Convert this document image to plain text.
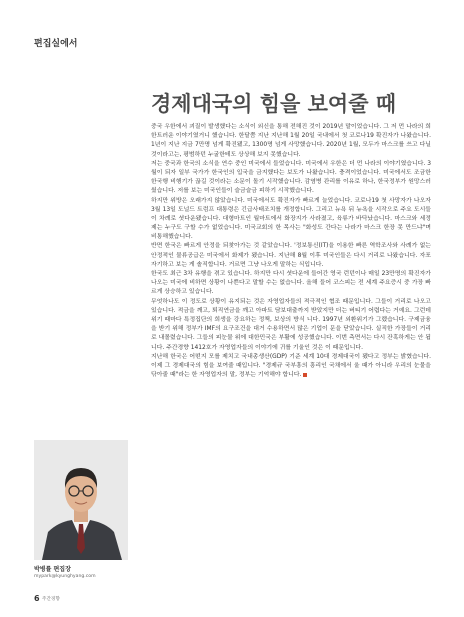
편집실에서
경제대국의 힘을 보여줄 때

중국 우한에서 괴질이 발생했다는 소식이 외신을 통해 전해진 것이 2019년 말이었습니다. 그 저 먼 나라의 희한트러운 이야기였거니 했습니다. 한달쯤 지난 지난해 1월 20일 국내에서 첫 코로나19 확진자가 나왔습니다. 1년이 지난 지금 7만명 넘게 확진됐고, 1300명 넘게 사망했습니다. 2020년 1월, 모두가 마스크를 쓰고 다닐 것이라고는, 평범하던 누굴한테도 상상해 보지 못했습니다.

저는 중국과 한국의 소식을 연수 중인 미국에서 들었습니다. 미국에서 우한은 더 먼 나라의 이야기였습니다. 3월이 되자 일부 국가가 한국인의 입국을 금지했다는 보도가 나왔습니다. 충격이었습니다. 미국에서도 조금한 한국행 비행기가 끊길 것이라는 소문이 돌기 시작했습니다. 감염병 관리를 이유로 하나, 한국정부가 원망스러웠습니다. 저를 보는 미국인들이 슬금슬금 피하기 시작했습니다.

하지만 위방은 오래가지 않았습니다. 미국에서도 확진자가 빠르게 늘었습니다. 코로나19 첫 사망자가 나오자 3월 13일 도널드 트럼프 대통령은 긴급사태조치를 개정합니다. 그리고 뉴욕 뒤 뉴욕을 시작으로 주요 도시들이 차례로 셧다운됐습니다. 대형마트인 월마트에서 화장지가 사라졌고, 육류가 바닥났습니다. 마스크와 세정제는 누구도 구할 수가 없었습니다. 미국교회의 한 목사는 "화성도 간다는 나라가 마스크 한장 못 만드냐"며 비통해했습니다.

반면 한국은 빠르게 안정을 되찾아가는 것 같았습니다. '정보통신(IT)을 이용한 빠른 역학조사와 사례가 없는 안정적인 물류공급은 미국에서 화제가 됐습니다. 지난해 8월 이후 미국인들은 다시 거리로 나왔습니다. 자포자기하고 보는 게 솔직합니다. 거르면 그냥 나오게 말하는 식입니다.

한국도 최근 3차 유행을 겪고 있습니다. 하지만 다시 셧다운에 들어간 영국 런던이나 매일 23만명의 확진자가 나오는 미국에 비하면 상황이 나쁜다고 말할 수는 없습니다. 올해 들어 코스피는 전 세계 주요증시 중 가장 빠르게 상승하고 있습니다.

무엇하나도 이 정도로 상황이 유지되는 것은 자영업자들의 적극적인 협조 때문입니다. 그들이 거리로 나오고 있습니다. 적금을 깨고, 퇴직연금을 깨고 아파트 담보대출까지 받았지만 더는 버티기 어렵다는 거예요. 그런데 위기 때마다 특정집단의 희생을 강요하는 정책, 보상의 방식 니다. 1997년 외환위기가 그랬습니다. 구제금융을 받기 위해 정부가 IMF의 요구조건을 대거 수용하면서 많은 기업이 문을 닫았습니다. 실직한 가장들이 거리로 내몰렸습니다. 그들의 피눈물 위에 대한민국은 부활에 성공했습니다. 이번 측면서는 다시 잔혹하게는 안 됩니다. 주간경향 1412호가 자영업자들의 이야기에 귀를 기울인 것은 이 때문입니다.

지난해 한국은 어떤지 모를 제치고 국내총생산(GDP) 기준 세계 10대 경제대국이 됐다고 정부는 밝혔습니다. 이제 그 경제대국의 힘을 보여줄 때입니다. "경제규 국부흥의 흥리인 국채에서 울 때가 아니라 우리의 눈물을 닦아줄 때"라는 한 자영업자의 말, 정부는 기억해야 합니다.

박병률 편집장
mypark@kyunghyang.com
6 주간경향
